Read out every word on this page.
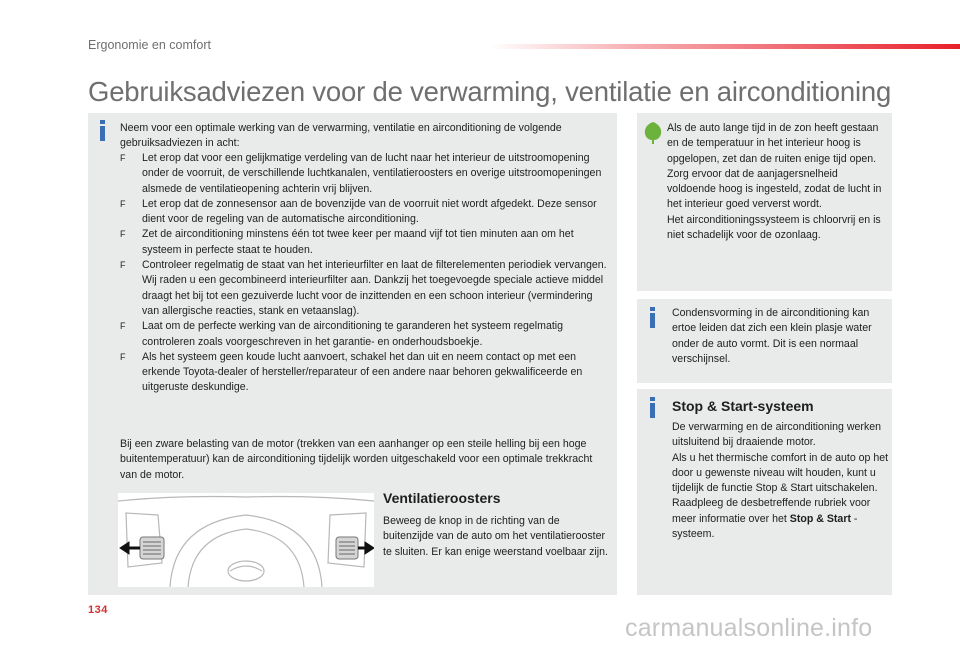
Ergonomie en comfort
Gebruiksadviezen voor de verwarming, ventilatie en airconditioning
Neem voor een optimale werking van de verwarming, ventilatie en airconditioning de volgende gebruiksadviezen in acht:
F Let erop dat voor een gelijkmatige verdeling van de lucht naar het interieur de uitstroomopening onder de voorruit, de verschillende luchtkanalen, ventilatieroosters en overige uitstroomopeningen alsmede de ventilatieopening achterin vrij blijven.
F Let erop dat de zonnesensor aan de bovenzijde van de voorruit niet wordt afgedekt. Deze sensor dient voor de regeling van de automatische airconditioning.
F Zet de airconditioning minstens één tot twee keer per maand vijf tot tien minuten aan om het systeem in perfecte staat te houden.
F Controleer regelmatig de staat van het interieurfilter en laat de filterelementen periodiek vervangen.
Wij raden u een gecombineerd interieurfilter aan. Dankzij het toegevoegde speciale actieve middel draagt het bij tot een gezuiverde lucht voor de inzittenden en een schoon interieur (vermindering van allergische reacties, stank en vetaanslag).
F Laat om de perfecte werking van de airconditioning te garanderen het systeem regelmatig controleren zoals voorgeschreven in het garantie- en onderhoudsboekje.
F Als het systeem geen koude lucht aanvoert, schakel het dan uit en neem contact op met een erkende Toyota-dealer of hersteller/reparateur of een andere naar behoren gekwalificeerde en uitgeruste deskundige.
Bij een zware belasting van de motor (trekken van een aanhanger op een steile helling bij een hoge buitentemperatuur) kan de airconditioning tijdelijk worden uitgeschakeld voor een optimale trekkracht van de motor.
Ventilatieroosters
Beweeg de knop in de richting van de buitenzijde van de auto om het ventilatierooster te sluiten. Er kan enige weerstand voelbaar zijn.
Als de auto lange tijd in de zon heeft gestaan en de temperatuur in het interieur hoog is opgelopen, zet dan de ruiten enige tijd open.
Zorg ervoor dat de aanjagersnelheid voldoende hoog is ingesteld, zodat de lucht in het interieur goed ververst wordt.
Het airconditioningssysteem is chloorvrij en is niet schadelijk voor de ozonlaag.
Condensvorming in de airconditioning kan ertoe leiden dat zich een klein plasje water onder de auto vormt. Dit is een normaal verschijnsel.
Stop & Start-systeem
De verwarming en de airconditioning werken uitsluitend bij draaiende motor.
Als u het thermische comfort in de auto op het door u gewenste niveau wilt houden, kunt u tijdelijk de functie Stop & Start uitschakelen.
Raadpleeg de desbetreffende rubriek voor meer informatie over het Stop & Start -systeem.
134
carmanualsonline.info
